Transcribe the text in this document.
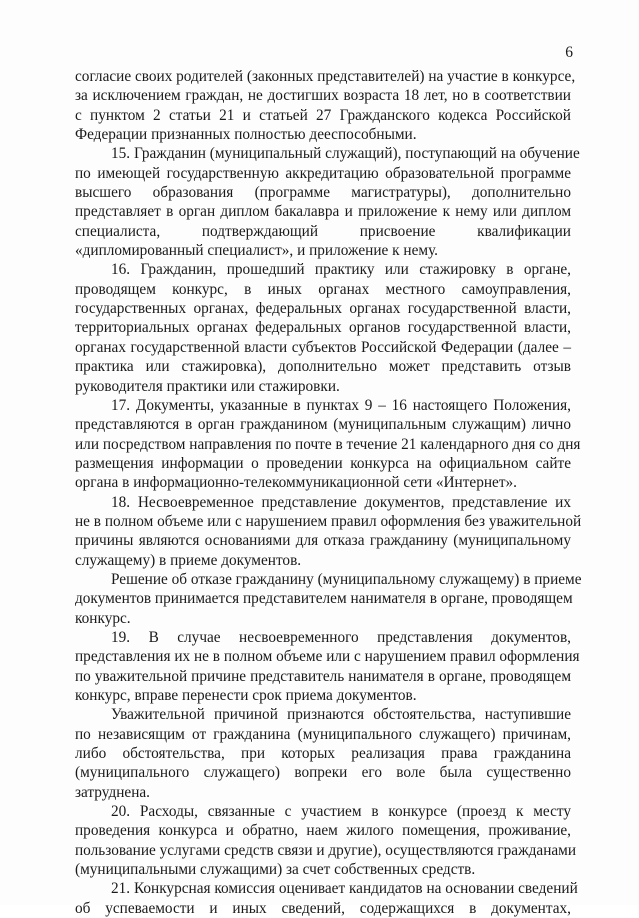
6
согласие своих родителей (законных представителей) на участие в конкурсе,
за исключением граждан, не достигших возраста 18 лет, но в соответствии
с пунктом 2 статьи 21 и статьей 27 Гражданского кодекса Российской
Федерации признанных полностью дееспособными.
15. Гражданин (муниципальный служащий), поступающий на обучение
по имеющей государственную аккредитацию образовательной программе
высшего образования (программе магистратуры), дополнительно
представляет в орган диплом бакалавра и приложение к нему или диплом
специалиста, подтверждающий присвоение квалификации
«дипломированный специалист», и приложение к нему.
16. Гражданин, прошедший практику или стажировку в органе,
проводящем конкурс, в иных органах местного самоуправления,
государственных органах, федеральных органах государственной власти,
территориальных органах федеральных органов государственной власти,
органах государственной власти субъектов Российской Федерации (далее –
практика или стажировка), дополнительно может представить отзыв
руководителя практики или стажировки.
17. Документы, указанные в пунктах 9 – 16 настоящего Положения,
представляются в орган гражданином (муниципальным служащим) лично
или посредством направления по почте в течение 21 календарного дня со дня
размещения информации о проведении конкурса на официальном сайте
органа в информационно-телекоммуникационной сети «Интернет».
18. Несвоевременное представление документов, представление их
не в полном объеме или с нарушением правил оформления без уважительной
причины являются основаниями для отказа гражданину (муниципальному
служащему) в приеме документов.
Решение об отказе гражданину (муниципальному служащему) в приеме
документов принимается представителем нанимателя в органе, проводящем
конкурс.
19. В случае несвоевременного представления документов,
представления их не в полном объеме или с нарушением правил оформления
по уважительной причине представитель нанимателя в органе, проводящем
конкурс, вправе перенести срок приема документов.
Уважительной причиной признаются обстоятельства, наступившие
по независящим от гражданина (муниципального служащего) причинам,
либо обстоятельства, при которых реализация права гражданина
(муниципального служащего) вопреки его воле была существенно
затруднена.
20. Расходы, связанные с участием в конкурсе (проезд к месту
проведения конкурса и обратно, наем жилого помещения, проживание,
пользование услугами средств связи и другие), осуществляются гражданами
(муниципальными служащими) за счет собственных средств.
21. Конкурсная комиссия оценивает кандидатов на основании сведений
об успеваемости и иных сведений, содержащихся в документах,
